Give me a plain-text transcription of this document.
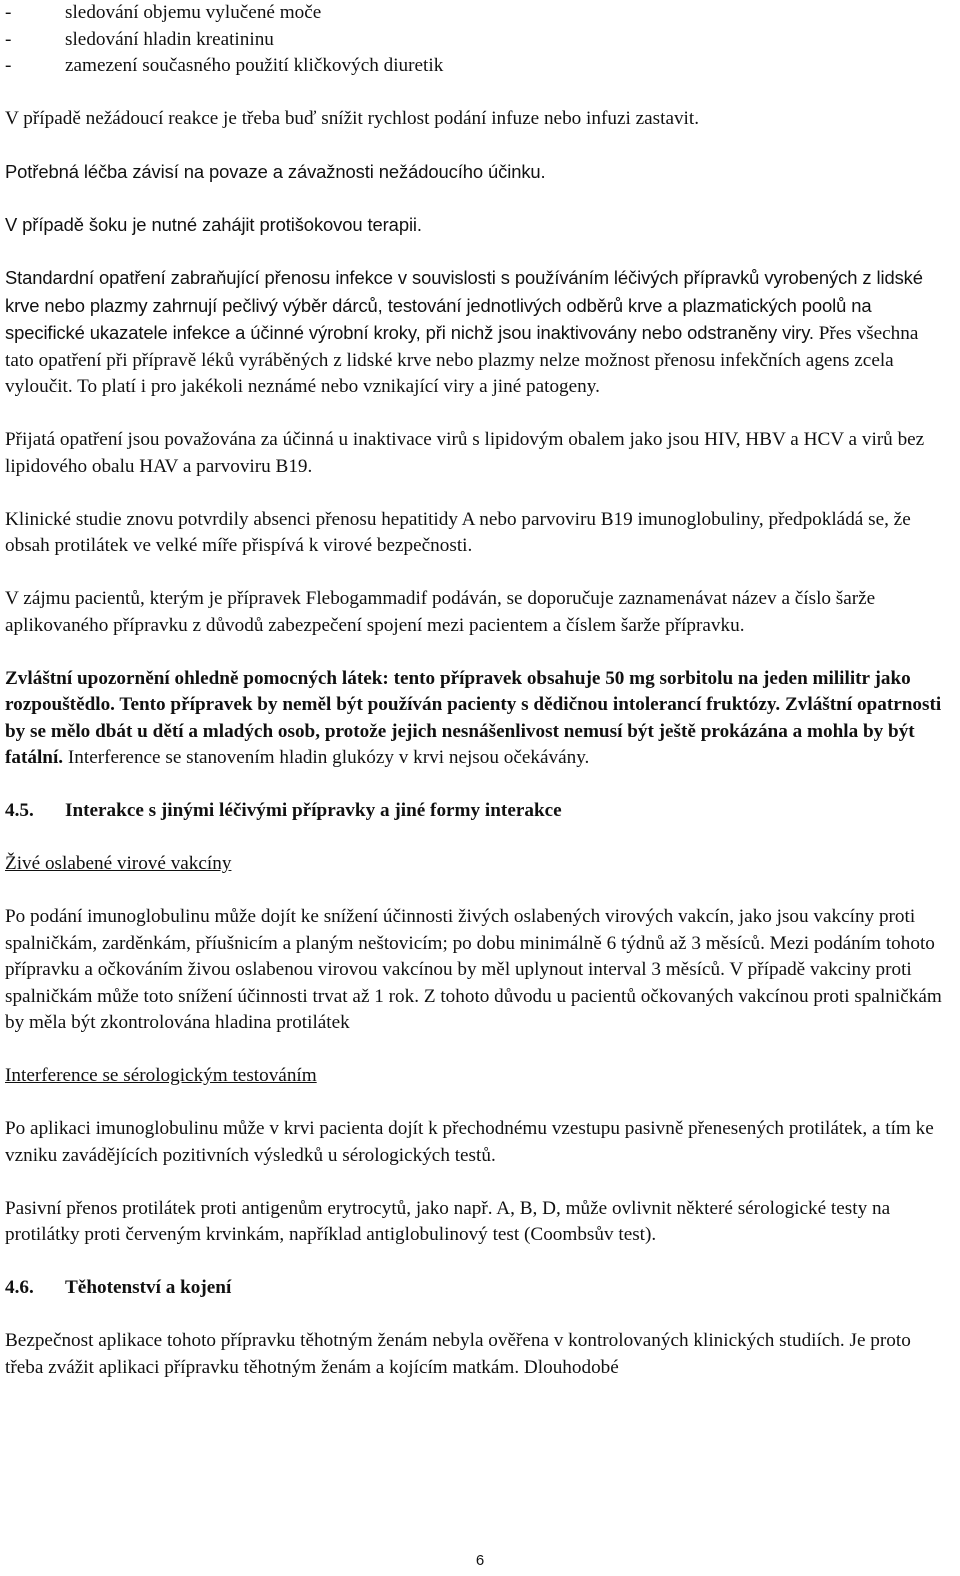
-	sledování objemu vylučené moče
-	sledování hladin kreatininu
-	zamezení současného použití kličkových diuretik

V případě nežádoucí reakce je třeba buď snížit rychlost podání infuze nebo infuzi zastavit.

Potřebná léčba závisí na povaze a závažnosti nežádoucího účinku.

V případě šoku je nutné zahájit protišokovou terapii.

Standardní opatření zabraňující přenosu infekce v souvislosti s používáním léčivých přípravků vyrobených z lidské krve nebo plazmy zahrnují pečlivý výběr dárců, testování jednotlivých odběrů krve a plazmatických poolů na specifické ukazatele infekce a účinné výrobní kroky, při nichž jsou inaktivovány nebo odstraněny viry. Přes všechna tato opatření při přípravě léků vyráběných z lidské krve nebo plazmy nelze možnost přenosu infekčních agens zcela vyloučit. To platí i pro jakékoli neznámé nebo vznikající viry a jiné patogeny.

Přijatá opatření jsou považována za účinná u inaktivace virů s lipidovým obalem jako jsou HIV, HBV a HCV a virů bez lipidového obalu HAV a parvoviru B19.

Klinické studie znovu potvrdily absenci přenosu hepatitidy A nebo parvoviru B19 imunoglobuliny, předpokládá se, že obsah protilátek ve velké míře přispívá k virové bezpečnosti.

V zájmu pacientů, kterým je přípravek Flebogammadif podáván, se doporučuje zaznamenávat název a číslo šarže aplikovaného přípravku z důvodů zabezpečení spojení mezi pacientem a číslem šarže přípravku.

Zvláštní upozornění ohledně pomocných látek: tento přípravek obsahuje 50 mg sorbitolu na jeden mililitr jako rozpouštědlo. Tento přípravek by neměl být používán pacienty s dědičnou intolerancí fruktózy. Zvláštní opatrnosti by se mělo dbát u dětí a mladých osob, protože jejich nesnášenlivost nemusí být ještě prokázána a mohla by být fatální. Interference se stanovením hladin glukózy v krvi nejsou očekávány.

4.5.	Interakce s jinými léčivými přípravky a jiné formy interakce

Živé oslabené virové vakcíny

Po podání imunoglobulinu může dojít ke snížení účinnosti živých oslabených virových vakcín, jako jsou vakcíny proti spalničkám, zarděnkám, příušnicím a planým neštovicím; po dobu minimálně 6 týdnů až 3 měsíců. Mezi podáním tohoto přípravku a očkováním živou oslabenou virovou vakcínou by měl uplynout interval 3 měsíců. V případě vakciny proti spalničkám může toto snížení účinnosti trvat až 1 rok. Z tohoto důvodu u pacientů očkovaných vakcínou proti spalničkám by měla být zkontrolována hladina protilátek

Interference se sérologickým testováním

Po aplikaci imunoglobulinu může v krvi pacienta dojít k přechodnému vzestupu pasivně přenesených protilátek, a tím ke vzniku zavádějících pozitivních výsledků u sérologických testů.

Pasivní přenos protilátek proti antigenům erytrocytů, jako např. A, B, D, může ovlivnit některé sérologické testy na protilátky proti červeným krvinkám, například antiglobulinový test (Coombsův test).

4.6.	Těhotenství a kojení

Bezpečnost aplikace tohoto přípravku těhotným ženám nebyla ověřena v kontrolovaných klinických studiích. Je proto třeba zvážit aplikaci přípravku těhotným ženám a kojícím matkám. Dlouhodobé

6
